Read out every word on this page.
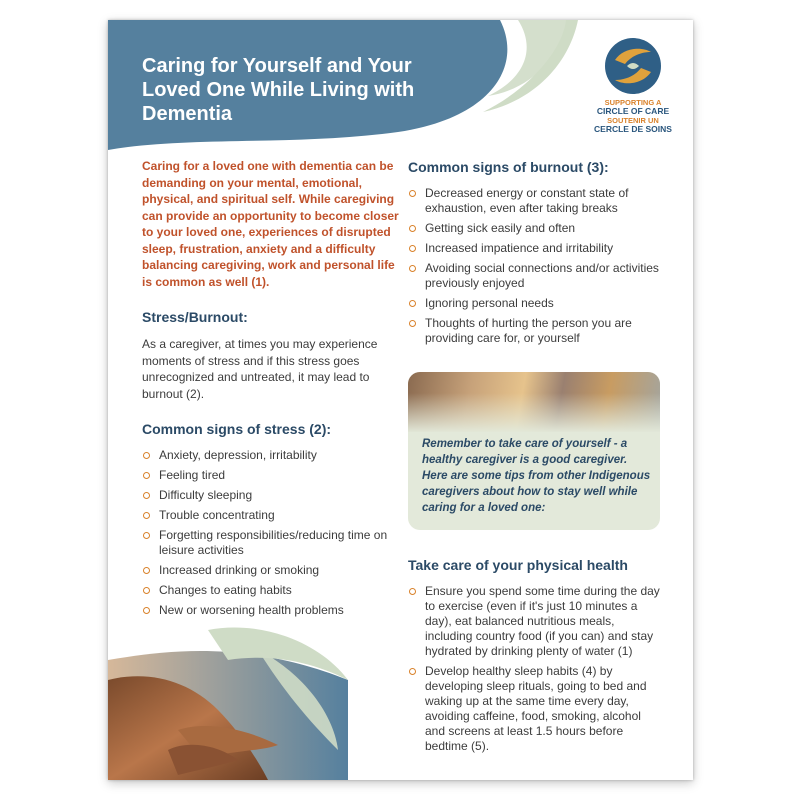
Caring for Yourself and Your Loved One While Living with Dementia
SUPPORTING A
CIRCLE OF CARE
SOUTENIR UN
CERCLE DE SOINS

Caring for a loved one with dementia can be demanding on your mental, emotional, physical, and spiritual self. While caregiving can provide an opportunity to become closer to your loved one, experiences of disrupted sleep, frustration, anxiety and a difficulty balancing caregiving, work and personal life is common as well (1).

Stress/Burnout:

As a caregiver, at times you may experience moments of stress and if this stress goes unrecognized and untreated, it may lead to burnout (2).

Common signs of stress (2):
Anxiety, depression, irritability
Feeling tired
Difficulty sleeping
Trouble concentrating
Forgetting responsibilities/reducing time on leisure activities
Increased drinking or smoking
Changes to eating habits
New or worsening health problems
Common signs of burnout (3):
Decreased energy or constant state of exhaustion, even after taking breaks
Getting sick easily and often
Increased impatience and irritability
Avoiding social connections and/or activities previously enjoyed
Ignoring personal needs
Thoughts of hurting the person you are providing care for, or yourself

Remember to take care of yourself - a healthy caregiver is a good caregiver. Here are some tips from other Indigenous caregivers about how to stay well while caring for a loved one:

Take care of your physical health
Ensure you spend some time during the day to exercise (even if it's just 10 minutes a day), eat balanced nutritious meals, including country food (if you can) and stay hydrated by drinking plenty of water (1)
Develop healthy sleep habits (4) by developing sleep rituals, going to bed and waking up at the same time every day, avoiding caffeine, food, smoking, alcohol and screens at least 1.5 hours before bedtime (5).
